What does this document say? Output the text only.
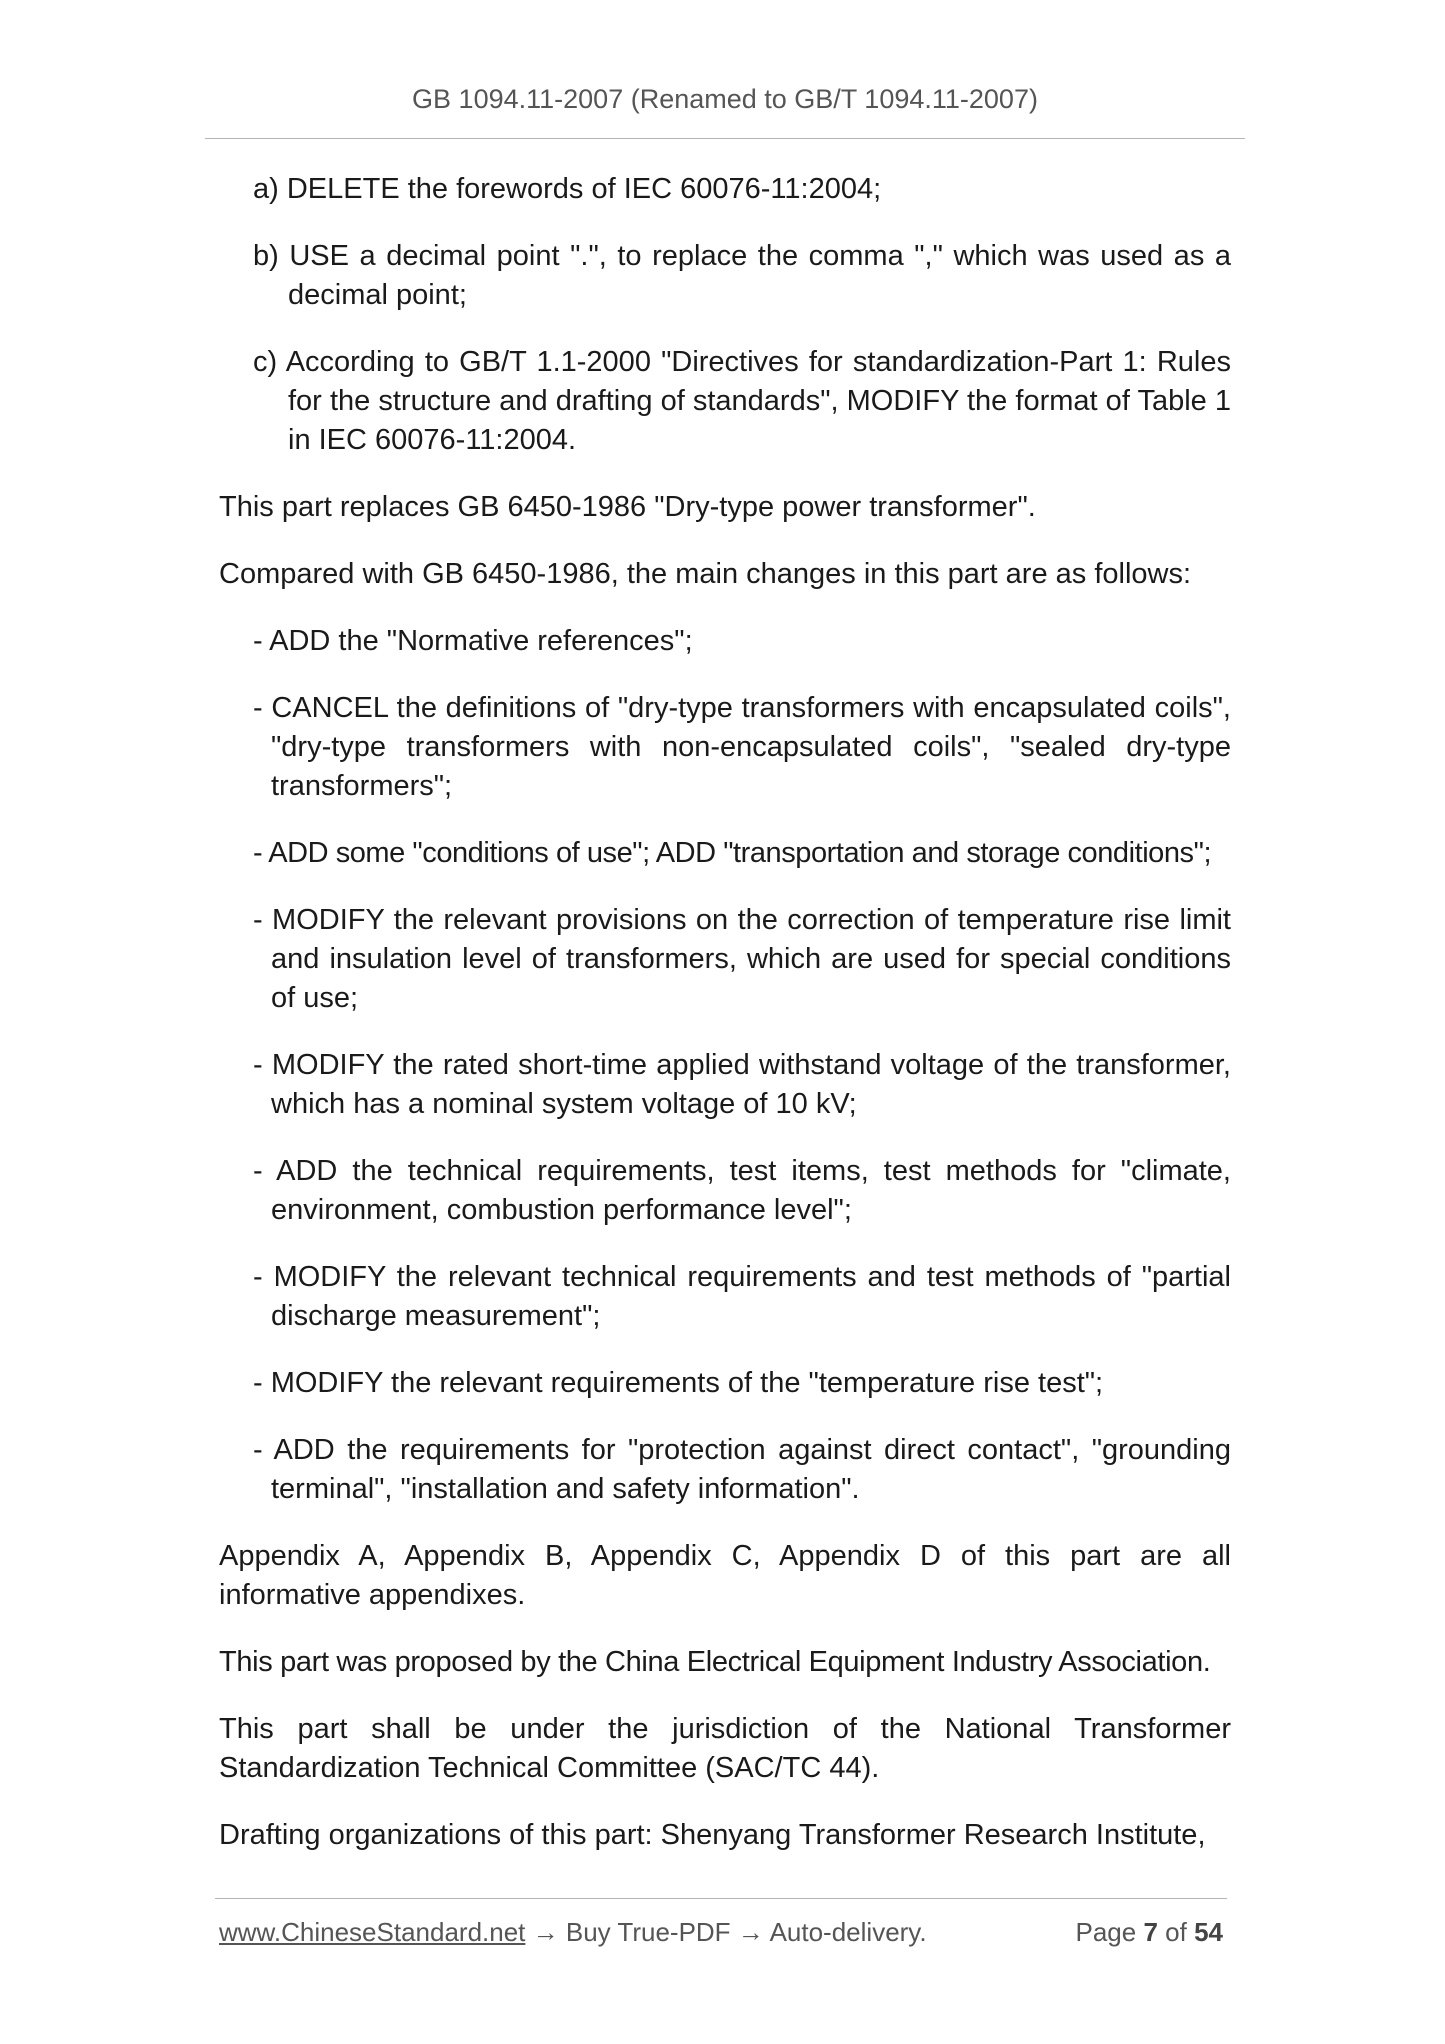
GB 1094.11-2007 (Renamed to GB/T 1094.11-2007)

a) DELETE the forewords of IEC 60076-11:2004;

b) USE a decimal point ".", to replace the comma "," which was used as a decimal point;

c) According to GB/T 1.1-2000 "Directives for standardization-Part 1: Rules for the structure and drafting of standards", MODIFY the format of Table 1 in IEC 60076-11:2004.

This part replaces GB 6450-1986 "Dry-type power transformer".

Compared with GB 6450-1986, the main changes in this part are as follows:

- ADD the "Normative references";

- CANCEL the definitions of "dry-type transformers with encapsulated coils", "dry-type transformers with non-encapsulated coils", "sealed dry-type transformers";

- ADD some "conditions of use"; ADD "transportation and storage conditions";

- MODIFY the relevant provisions on the correction of temperature rise limit and insulation level of transformers, which are used for special conditions of use;

- MODIFY the rated short-time applied withstand voltage of the transformer, which has a nominal system voltage of 10 kV;

- ADD the technical requirements, test items, test methods for "climate, environment, combustion performance level";

- MODIFY the relevant technical requirements and test methods of "partial discharge measurement";

- MODIFY the relevant requirements of the "temperature rise test";

- ADD the requirements for "protection against direct contact", "grounding terminal", "installation and safety information".

Appendix A, Appendix B, Appendix C, Appendix D of this part are all informative appendixes.

This part was proposed by the China Electrical Equipment Industry Association.

This part shall be under the jurisdiction of the National Transformer Standardization Technical Committee (SAC/TC 44).

Drafting organizations of this part: Shenyang Transformer Research Institute,

www.ChineseStandard.net → Buy True-PDF → Auto-delivery.	Page 7 of 54
